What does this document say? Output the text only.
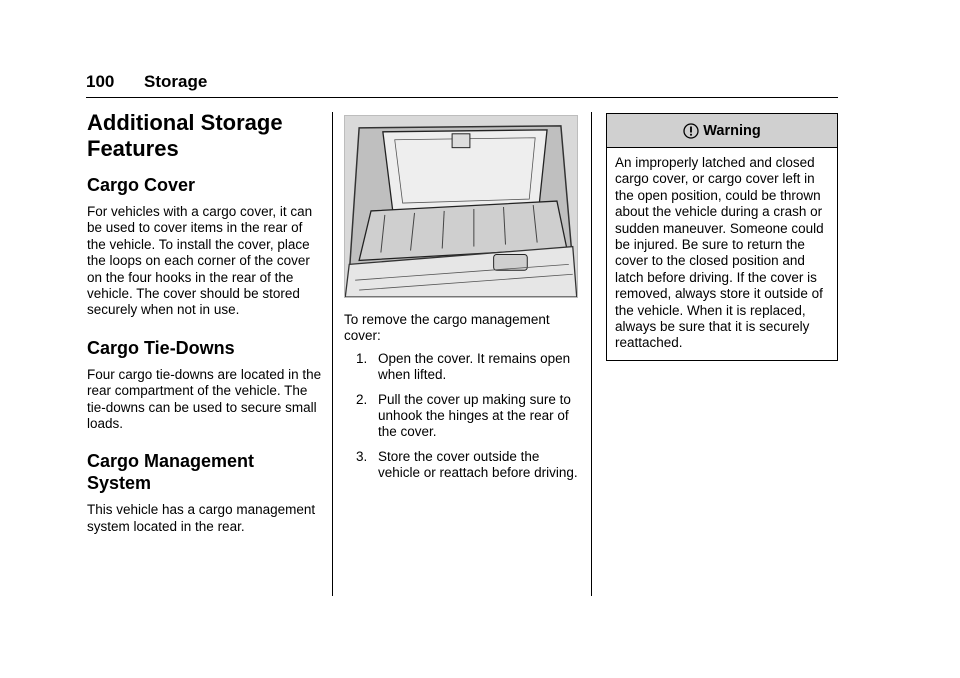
100 Storage
Additional Storage
Features
Cargo Cover

For vehicles with a cargo cover, it can be used to cover items in the rear of the vehicle. To install the cover, place the loops on each corner of the cover on the four hooks in the rear of the vehicle. The cover should be stored securely when not in use.

Cargo Tie-Downs

Four cargo tie-downs are located in the rear compartment of the vehicle. The tie-downs can be used to secure small loads.

Cargo Management
System

This vehicle has a cargo management system located in the rear.

To remove the cargo management cover:

1. Open the cover. It remains open when lifted.
2. Pull the cover up making sure to unhook the hinges at the rear of the cover.
3. Store the cover outside the vehicle or reattach before driving.
Warning
An improperly latched and closed cargo cover, or cargo cover left in the open position, could be thrown about the vehicle during a crash or sudden maneuver. Someone could be injured. Be sure to return the cover to the closed position and latch before driving. If the cover is removed, always store it outside of the vehicle. When it is replaced, always be sure that it is securely reattached.
